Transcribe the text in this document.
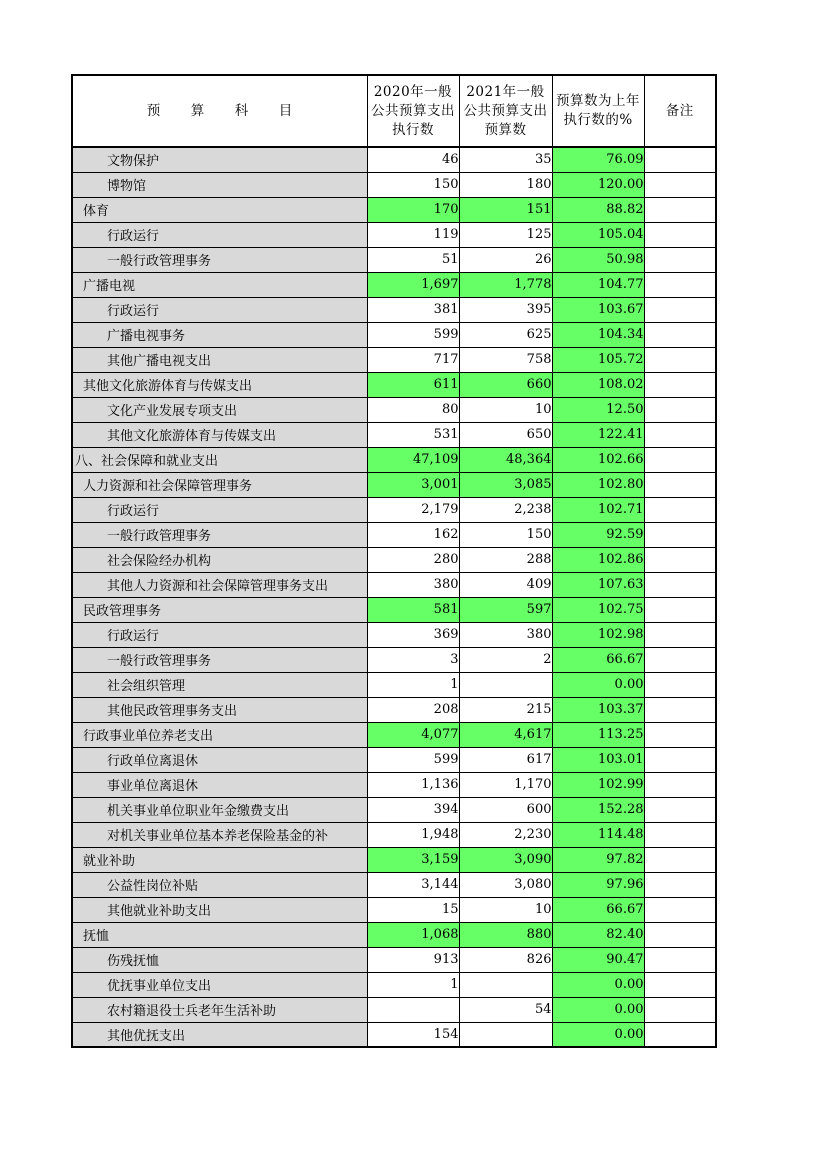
预 算 科 目	2020年一般公共预算支出执行数	2021年一般公共预算支出预算数	预算数为上年执行数的%	备注
文物保护	46	35	76.09	
博物馆	150	180	120.00	
体育	170	151	88.82	
行政运行	119	125	105.04	
一般行政管理事务	51	26	50.98	
广播电视	1,697	1,778	104.77	
行政运行	381	395	103.67	
广播电视事务	599	625	104.34	
其他广播电视支出	717	758	105.72	
其他文化旅游体育与传媒支出	611	660	108.02	
文化产业发展专项支出	80	10	12.50	
其他文化旅游体育与传媒支出	531	650	122.41	
八、社会保障和就业支出	47,109	48,364	102.66	
人力资源和社会保障管理事务	3,001	3,085	102.80	
行政运行	2,179	2,238	102.71	
一般行政管理事务	162	150	92.59	
社会保险经办机构	280	288	102.86	
其他人力资源和社会保障管理事务支出	380	409	107.63	
民政管理事务	581	597	102.75	
行政运行	369	380	102.98	
一般行政管理事务	3	2	66.67	
社会组织管理	1		0.00	
其他民政管理事务支出	208	215	103.37	
行政事业单位养老支出	4,077	4,617	113.25	
行政单位离退休	599	617	103.01	
事业单位离退休	1,136	1,170	102.99	
机关事业单位职业年金缴费支出	394	600	152.28	
对机关事业单位基本养老保险基金的补	1,948	2,230	114.48	
就业补助	3,159	3,090	97.82	
公益性岗位补贴	3,144	3,080	97.96	
其他就业补助支出	15	10	66.67	
抚恤	1,068	880	82.40	
伤残抚恤	913	826	90.47	
优抚事业单位支出	1		0.00	
农村籍退役士兵老年生活补助		54	0.00	
其他优抚支出	154		0.00	
